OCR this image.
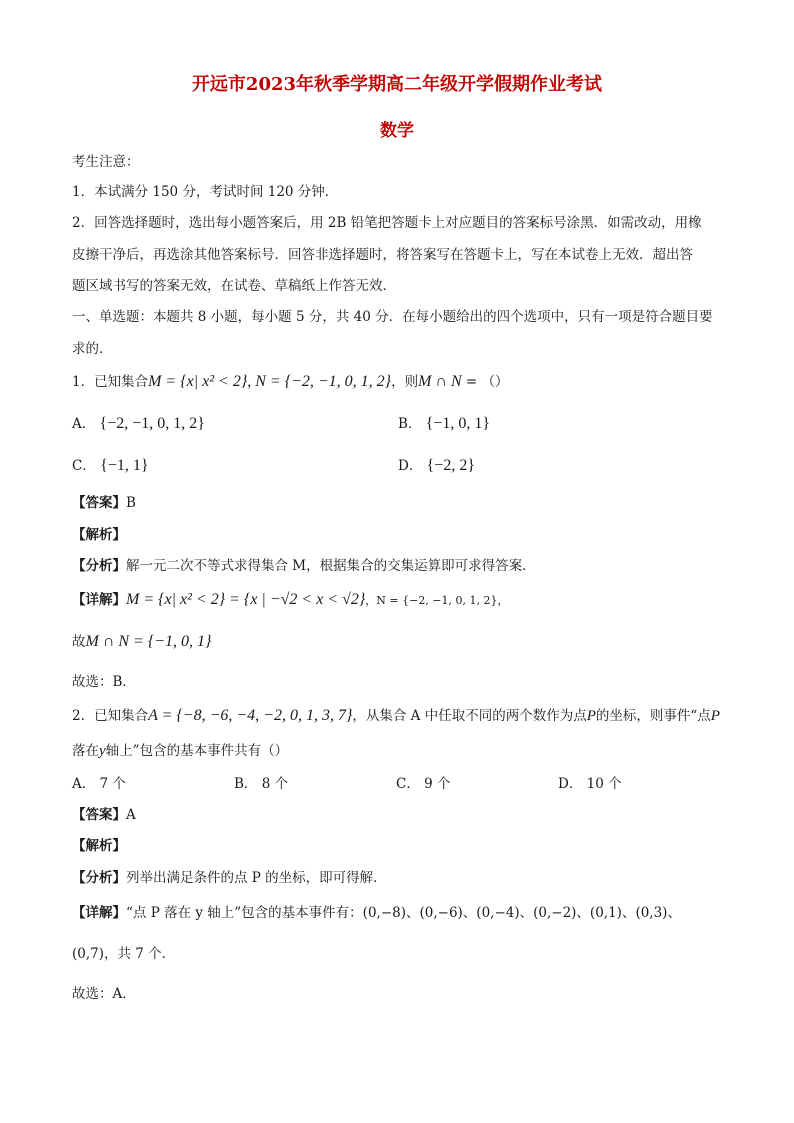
开远市2023年秋季学期高二年级开学假期作业考试
数学
考生注意：
1．本试满分 150 分，考试时间 120 分钟．
2．回答选择题时，选出每小题答案后，用 2B 铅笔把答题卡上对应题目的答案标号涂黑．如需改动，用橡
皮擦干净后，再选涂其他答案标号．回答非选择题时，将答案写在答题卡上，写在本试卷上无效．超出答
题区域书写的答案无效，在试卷、草稿纸上作答无效．
一、单选题：本题共 8 小题，每小题 5 分，共 40 分．在每小题给出的四个选项中，只有一项是符合题目要
求的．
1．已知集合M = {x| x² < 2}, N = {−2, −1, 0, 1, 2}，则M ∩ N = （）
A． {−2, −1, 0, 1, 2}	B． {−1, 0, 1}
C． {−1, 1}	D． {−2, 2}
【答案】B
【解析】
【分析】解一元二次不等式求得集合 M，根据集合的交集运算即可求得答案．
【详解】M = {x| x² < 2} = {x | −√2 < x < √2}，N = {−2, −1, 0, 1, 2}，
故M ∩ N = {−1, 0, 1}
故选：B．
2．已知集合A = {−8, −6, −4, −2, 0, 1, 3, 7}，从集合 A 中任取不同的两个数作为点P的坐标，则事件“点P
落在y轴上”包含的基本事件共有（）
A． 7 个	B． 8 个	C． 9 个	D． 10 个
【答案】A
【解析】
【分析】列举出满足条件的点 P 的坐标，即可得解．
【详解】“点 P 落在 y 轴上”包含的基本事件有：(0,−8)、(0,−6)、(0,−4)、(0,−2)、(0,1)、(0,3)、
(0,7)，共 7 个．
故选：A．
